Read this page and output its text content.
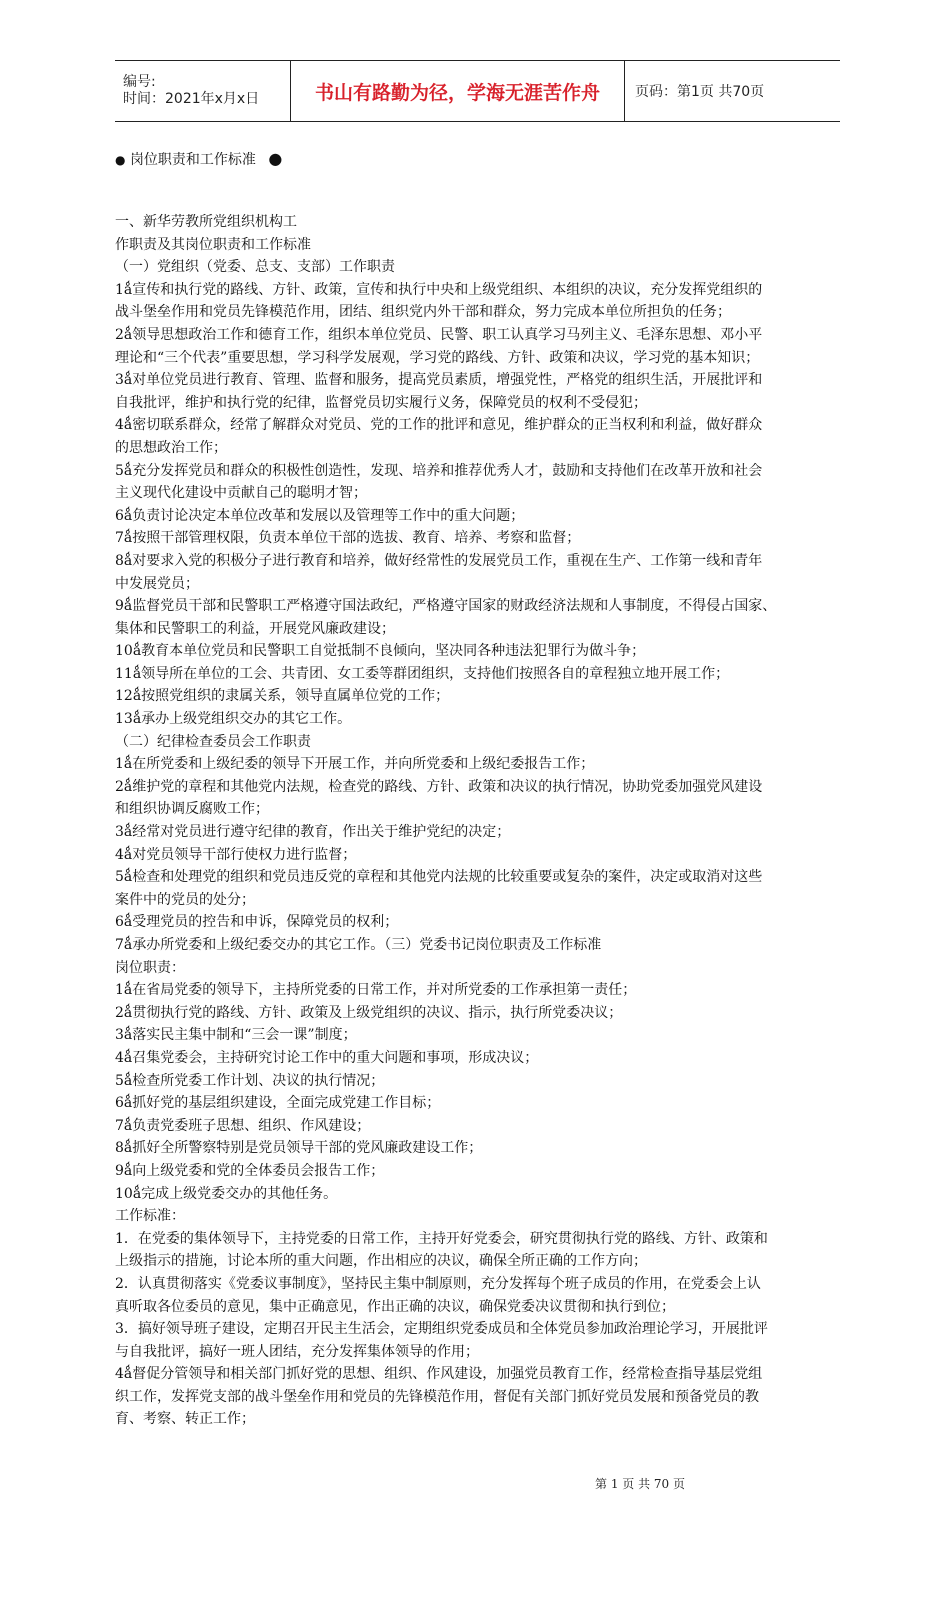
编号:
时间：2021年x月x日	书山有路勤为径，学海无涯苦作舟	页码：第1页 共70页
● 岗位职责和工作标准 ●

一、新华劳教所党组织机构工

作职责及其岗位职责和工作标准

（一）党组织（党委、总支、支部）工作职责

1ǻ宣传和执行党的路线、方针、政策，宣传和执行中央和上级党组织、本组织的决议，充分发挥党组织的

战斗堡垒作用和党员先锋模范作用，团结、组织党内外干部和群众，努力完成本单位所担负的任务；

2ǻ领导思想政治工作和德育工作，组织本单位党员、民警、职工认真学习马列主义、毛泽东思想、邓小平

理论和“三个代表”重要思想，学习科学发展观，学习党的路线、方针、政策和决议，学习党的基本知识；

3ǻ对单位党员进行教育、管理、监督和服务，提高党员素质，增强党性，严格党的组织生活，开展批评和

自我批评，维护和执行党的纪律，监督党员切实履行义务，保障党员的权利不受侵犯；

4ǻ密切联系群众，经常了解群众对党员、党的工作的批评和意见，维护群众的正当权利和利益，做好群众

的思想政治工作；

5ǻ充分发挥党员和群众的积极性创造性，发现、培养和推荐优秀人才，鼓励和支持他们在改革开放和社会

主义现代化建设中贡献自己的聪明才智；

6ǻ负责讨论决定本单位改革和发展以及管理等工作中的重大问题；

7ǻ按照干部管理权限，负责本单位干部的选拔、教育、培养、考察和监督；

8ǻ对要求入党的积极分子进行教育和培养，做好经常性的发展党员工作，重视在生产、工作第一线和青年

中发展党员；

9ǻ监督党员干部和民警职工严格遵守国法政纪，严格遵守国家的财政经济法规和人事制度，不得侵占国家、

集体和民警职工的利益，开展党风廉政建设；

10ǻ教育本单位党员和民警职工自觉抵制不良倾向，坚决同各种违法犯罪行为做斗争；

11ǻ领导所在单位的工会、共青团、女工委等群团组织，支持他们按照各自的章程独立地开展工作；

12ǻ按照党组织的隶属关系，领导直属单位党的工作；

13ǻ承办上级党组织交办的其它工作。

（二）纪律检查委员会工作职责

1ǻ在所党委和上级纪委的领导下开展工作，并向所党委和上级纪委报告工作；

2ǻ维护党的章程和其他党内法规，检查党的路线、方针、政策和决议的执行情况，协助党委加强党风建设

和组织协调反腐败工作；

3ǻ经常对党员进行遵守纪律的教育，作出关于维护党纪的决定；

4ǻ对党员领导干部行使权力进行监督；

5ǻ检查和处理党的组织和党员违反党的章程和其他党内法规的比较重要或复杂的案件，决定或取消对这些

案件中的党员的处分；

6ǻ受理党员的控告和申诉，保障党员的权利；

7ǻ承办所党委和上级纪委交办的其它工作。（三）党委书记岗位职责及工作标准

岗位职责：

1ǻ在省局党委的领导下，主持所党委的日常工作，并对所党委的工作承担第一责任；

2ǻ贯彻执行党的路线、方针、政策及上级党组织的决议、指示，执行所党委决议；

3ǻ落实民主集中制和“三会一课”制度；

4ǻ召集党委会，主持研究讨论工作中的重大问题和事项，形成决议；

5ǻ检查所党委工作计划、决议的执行情况；

6ǻ抓好党的基层组织建设，全面完成党建工作目标；

7ǻ负责党委班子思想、组织、作风建设；

8ǻ抓好全所警察特别是党员领导干部的党风廉政建设工作；

9ǻ向上级党委和党的全体委员会报告工作；

10ǻ完成上级党委交办的其他任务。

工作标准：

1．在党委的集体领导下，主持党委的日常工作，主持开好党委会，研究贯彻执行党的路线、方针、政策和

上级指示的措施，讨论本所的重大问题，作出相应的决议，确保全所正确的工作方向；

2．认真贯彻落实《党委议事制度》，坚持民主集中制原则，充分发挥每个班子成员的作用，在党委会上认

真听取各位委员的意见，集中正确意见，作出正确的决议，确保党委决议贯彻和执行到位；

3．搞好领导班子建设，定期召开民主生活会，定期组织党委成员和全体党员参加政治理论学习，开展批评

与自我批评，搞好一班人团结，充分发挥集体领导的作用；

4ǻ督促分管领导和相关部门抓好党的思想、组织、作风建设，加强党员教育工作，经常检查指导基层党组

织工作，发挥党支部的战斗堡垒作用和党员的先锋模范作用，督促有关部门抓好党员发展和预备党员的教

育、考察、转正工作；

第 1 页 共 70 页
